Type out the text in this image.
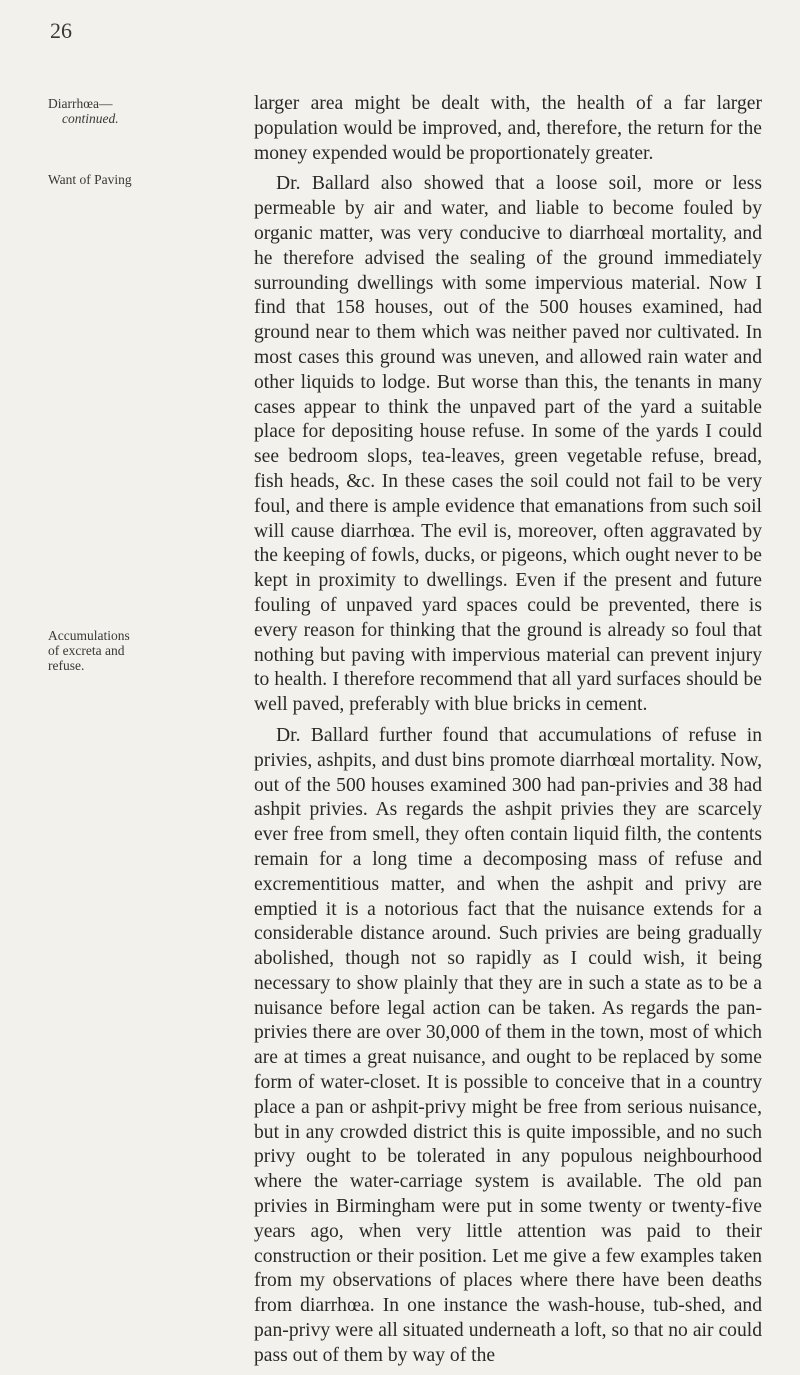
26
Diarrhœa—
continued.
Want of Paving
Accumulations of excreta and refuse.

larger area might be dealt with, the health of a far larger population would be improved, and, therefore, the return for the money expended would be proportionately greater.

Dr. Ballard also showed that a loose soil, more or less permeable by air and water, and liable to become fouled by organic matter, was very conducive to diarrhœal mortality, and he therefore advised the sealing of the ground immediately surrounding dwellings with some impervious material. Now I find that 158 houses, out of the 500 houses examined, had ground near to them which was neither paved nor cultivated. In most cases this ground was uneven, and allowed rain water and other liquids to lodge. But worse than this, the tenants in many cases appear to think the unpaved part of the yard a suitable place for depositing house refuse. In some of the yards I could see bedroom slops, tea-leaves, green vegetable refuse, bread, fish heads, &c. In these cases the soil could not fail to be very foul, and there is ample evidence that emanations from such soil will cause diarrhœa. The evil is, moreover, often aggravated by the keeping of fowls, ducks, or pigeons, which ought never to be kept in proximity to dwellings. Even if the present and future fouling of unpaved yard spaces could be prevented, there is every reason for thinking that the ground is already so foul that nothing but paving with impervious material can prevent injury to health. I therefore recommend that all yard surfaces should be well paved, preferably with blue bricks in cement.

Dr. Ballard further found that accumulations of refuse in privies, ashpits, and dust bins promote diarrhœal mortality. Now, out of the 500 houses examined 300 had pan-privies and 38 had ashpit privies. As regards the ashpit privies they are scarcely ever free from smell, they often contain liquid filth, the contents remain for a long time a decomposing mass of refuse and excrementitious matter, and when the ashpit and privy are emptied it is a notorious fact that the nuisance extends for a considerable distance around. Such privies are being gradually abolished, though not so rapidly as I could wish, it being necessary to show plainly that they are in such a state as to be a nuisance before legal action can be taken. As regards the pan-privies there are over 30,000 of them in the town, most of which are at times a great nuisance, and ought to be replaced by some form of water-closet. It is possible to conceive that in a country place a pan or ashpit-privy might be free from serious nuisance, but in any crowded district this is quite impossible, and no such privy ought to be tolerated in any populous neighbourhood where the water-carriage system is available. The old pan privies in Birmingham were put in some twenty or twenty-five years ago, when very little attention was paid to their construction or their position. Let me give a few examples taken from my observations of places where there have been deaths from diarrhœa. In one instance the wash-house, tub-shed, and pan-privy were all situated underneath a loft, so that no air could pass out of them by way of the
